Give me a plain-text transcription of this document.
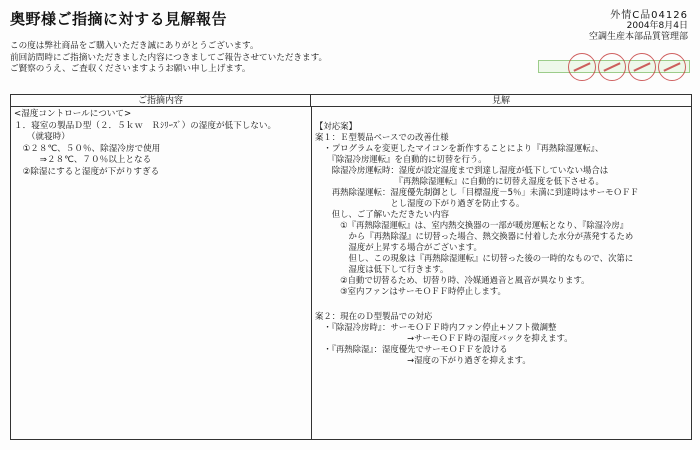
奥野様ご指摘に対する見解報告	外情C品04126
2004年8月4日
空調生産本部品質管理部
この度は弊社商品をご購入いただき誠にありがとうございます。
前回訪問時にご指摘いただきました内容につきましてご報告させていただきます。
ご賢察のうえ、ご査収くださいますようお願い申し上げます。
ご指摘内容	見解
<湿度コントロールについて>
１．寝室の製品Ｄ型（２．５ｋｗ　Ｒｼﾘｰｽﾞ）の湿度が低下しない。
　　（就寝時）
　①２８℃、５０％、除湿冷房で使用
　　　⇒２８℃、７０％以上となる
　②除湿にすると湿度が下がりすぎる
【対応案】
案１：Ｅ型製品ベースでの改善仕様
　・プログラムを変更したマイコンを新作することにより『再熱除湿運転』、
　　『除湿冷房運転』を自動的に切替を行う。
　　除湿冷房運転時：湿度が設定湿度まで到達し湿度が低下していない場合は
　　　　　　　　　　『再熱除湿運転』に自動的に切替え湿度を低下させる。
　　再熱除湿運転：湿度優先制御とし「目標湿度－5％」未満に到達時はサーモＯＦＦ
　　　　　　　　　とし湿度の下がり過ぎを防止する。
　　但し、ご了解いただきたい内容
　　　①『再熱除湿運転』は、室内熱交換器の一部が暖房運転となり、『除湿冷房』
　　　　から『再熱除湿』に切替った場合、熱交換器に付着した水分が蒸発するため
　　　　湿度が上昇する場合がございます。
　　　　但し、この現象は『再熱除湿運転』に切替った後の一時的なもので、次第に
　　　　湿度は低下して行きます。
　　　②自動で切替るため、切替り時、冷媒通過音と風音が異なります。
　　　③室内ファンはサーモＯＦＦ時停止します。
案２：現在のＤ型製品での対応
　・『除湿冷房時』：サーモＯＦＦ時内ファン停止+ソフト微調整
　　　　　　　　　　　→サーモＯＦＦ時の湿度バックを抑えます。
　・『再熱除湿』：湿度優先でサーモＯＦＦを設ける
　　　　　　　　　　　→湿度の下がり過ぎを抑えます。
